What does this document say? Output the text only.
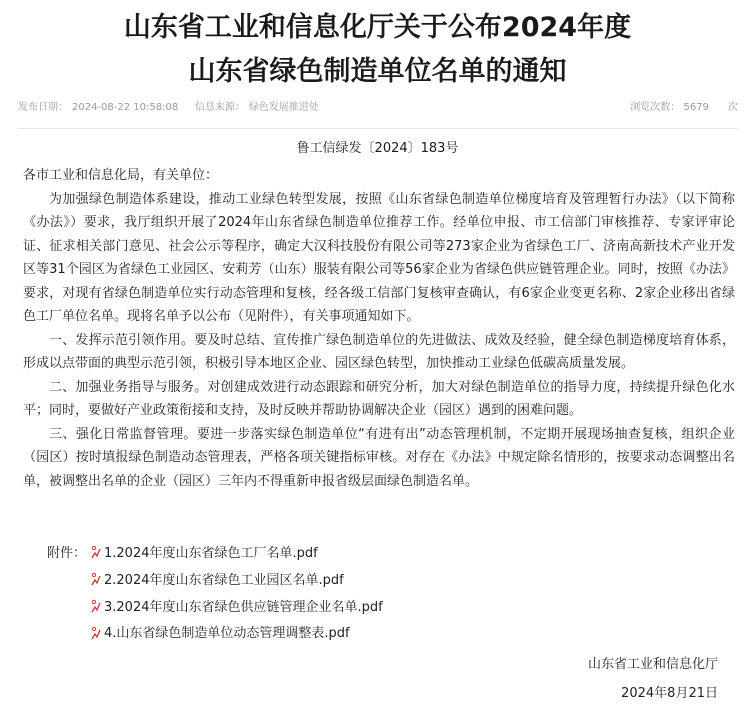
山东省工业和信息化厅关于公布2024年度
山东省绿色制造单位名单的通知
发布日期： 2024-08-22 10:58:08 信息来源： 绿色发展推进处	浏览次数： 5679 次
鲁工信绿发〔2024〕183号

各市工业和信息化局，有关单位：

为加强绿色制造体系建设，推动工业绿色转型发展，按照《山东省绿色制造单位梯度培育及管理暂行办法》（以下简称《办法》）要求，我厅组织开展了2024年山东省绿色制造单位推荐工作。经单位申报、市工信部门审核推荐、专家评审论证、征求相关部门意见、社会公示等程序，确定大汉科技股份有限公司等273家企业为省绿色工厂、济南高新技术产业开发区等31个园区为省绿色工业园区、安莉芳（山东）服装有限公司等56家企业为省绿色供应链管理企业。同时，按照《办法》要求，对现有省绿色制造单位实行动态管理和复核，经各级工信部门复核审查确认，有6家企业变更名称、2家企业移出省绿色工厂单位名单。现将名单予以公布（见附件），有关事项通知如下。

一、发挥示范引领作用。要及时总结、宣传推广绿色制造单位的先进做法、成效及经验，健全绿色制造梯度培育体系，形成以点带面的典型示范引领，积极引导本地区企业、园区绿色转型，加快推动工业绿色低碳高质量发展。

二、加强业务指导与服务。对创建成效进行动态跟踪和研究分析，加大对绿色制造单位的指导力度，持续提升绿色化水平；同时，要做好产业政策衔接和支持，及时反映并帮助协调解决企业（园区）遇到的困难问题。

三、强化日常监督管理。要进一步落实绿色制造单位“有进有出”动态管理机制，不定期开展现场抽查复核，组织企业（园区）按时填报绿色制造动态管理表，严格各项关键指标审核。对存在《办法》中规定除名情形的，按要求动态调整出名单，被调整出名单的企业（园区）三年内不得重新申报省级层面绿色制造名单。

附件：	1.2024年度山东省绿色工厂名单.pdf
2.2024年度山东省绿色工业园区名单.pdf
3.2024年度山东省绿色供应链管理企业名单.pdf
4.山东省绿色制造单位动态管理调整表.pdf
山东省工业和信息化厅
2024年8月21日
